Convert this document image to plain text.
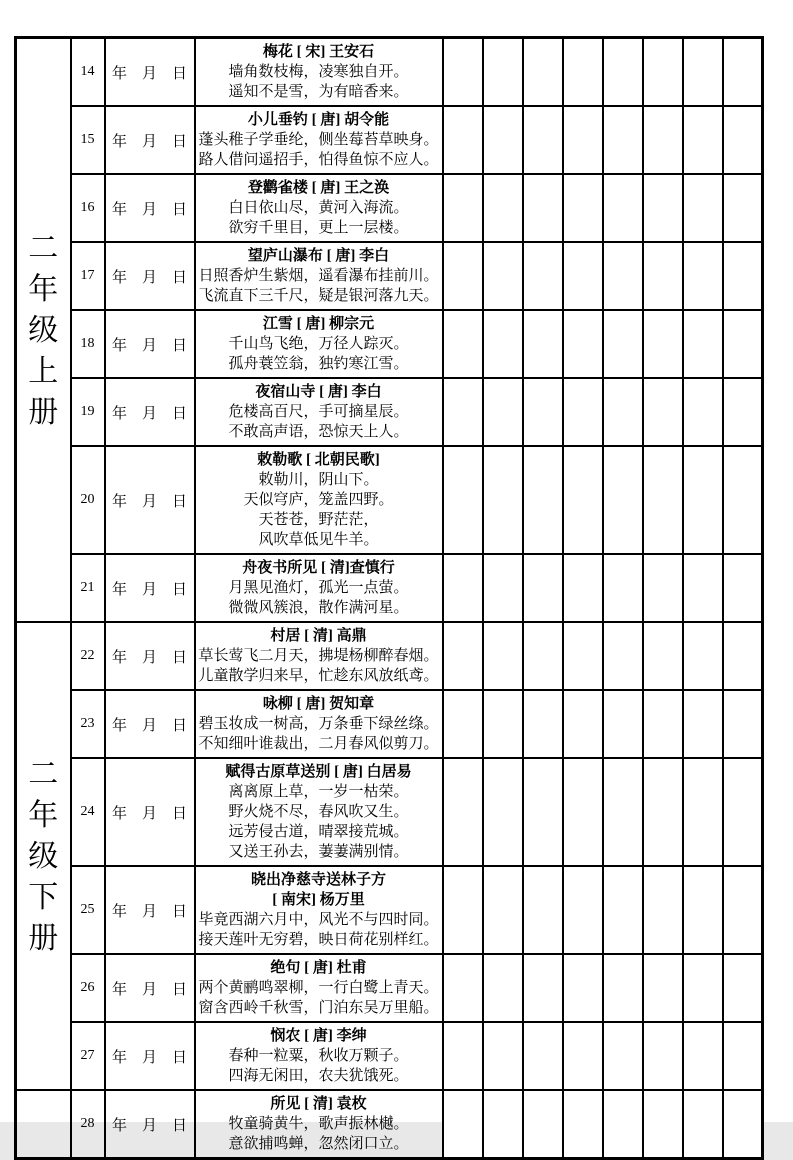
二
年
级
上
册
	14	年　月　日	
梅花 [ 宋] 王安石
墙角数枝梅，凌寒独自开。
遥知不是雪，为有暗香来。

	15	年　月　日	小儿垂钓 [ 唐] 胡令能
蓬头稚子学垂纶，侧坐莓苔草映身。
路人借问遥招手，怕得鱼惊不应人。								

	16	年　月　日	登鹳雀楼 [ 唐] 王之涣
白日依山尽，黄河入海流。
欲穷千里目，更上一层楼。								

	17	年　月　日	望庐山瀑布 [ 唐] 李白
日照香炉生紫烟，遥看瀑布挂前川。
飞流直下三千尺，疑是银河落九天。								

	18	年　月　日	江雪 [ 唐] 柳宗元
千山鸟飞绝，万径人踪灭。
孤舟蓑笠翁，独钓寒江雪。								

	19	年　月　日	夜宿山寺 [ 唐] 李白
危楼高百尺，手可摘星辰。
不敢高声语，恐惊天上人。								

	20	年　月　日	敕勒歌 [ 北朝民歌]
敕勒川，阴山下。
天似穹庐，笼盖四野。
天苍苍，野茫茫，
风吹草低见牛羊。								

	21	年　月　日	舟夜书所见 [ 清]查慎行
月黑见渔灯，孤光一点萤。
微微风簇浪，散作满河星。								

二
年
级
下
册
	22	年　月　日	
村居 [ 清] 高鼎
草长莺飞二月天，拂堤杨柳醉春烟。
儿童散学归来早，忙趁东风放纸鸢。

	23	年　月　日	咏柳 [ 唐] 贺知章
碧玉妆成一树高，万条垂下绿丝绦。
不知细叶谁裁出，二月春风似剪刀。								

	24	年　月　日	赋得古原草送别 [ 唐] 白居易
离离原上草，一岁一枯荣。
野火烧不尽，春风吹又生。
远芳侵古道，晴翠接荒城。
又送王孙去，萋萋满别情。								

	25	年　月　日	晓出净慈寺送林子方
[ 南宋] 杨万里
毕竟西湖六月中，风光不与四时同。
接天莲叶无穷碧，映日荷花别样红。								

	26	年　月　日	绝句 [ 唐] 杜甫
两个黄鹂鸣翠柳，一行白鹭上青天。
窗含西岭千秋雪，门泊东吴万里船。								

	27	年　月　日	悯农 [ 唐] 李绅
春种一粒粟，秋收万颗子。
四海无闲田，农夫犹饿死。								

	28	年　月　日	所见 [ 清] 袁枚
牧童骑黄牛，歌声振林樾。
意欲捕鸣蝉，忽然闭口立。								
